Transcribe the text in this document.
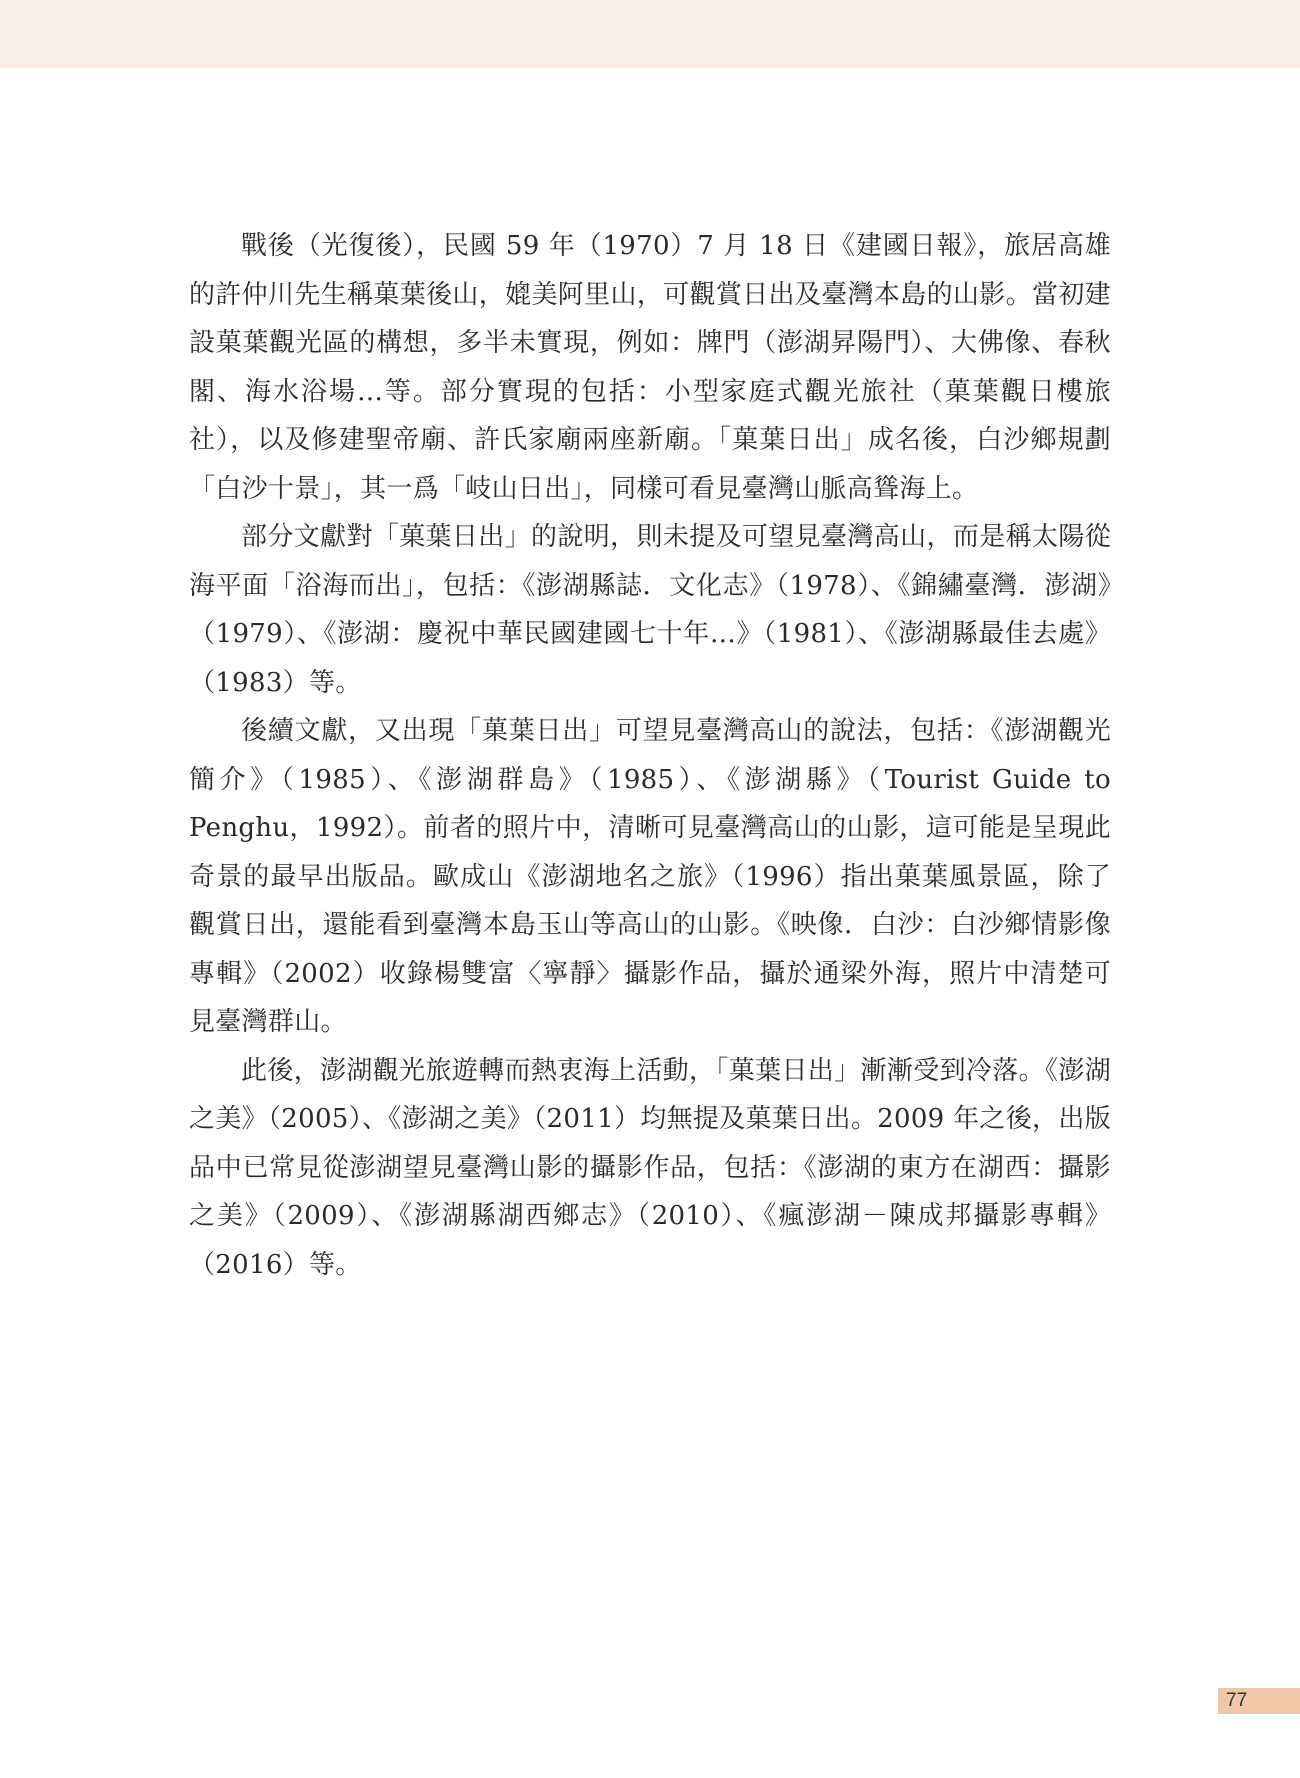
戰後（光復後），民國 59 年（1970）7 月 18 日《建國日報》，旅居高雄的許仲川先生稱菓葉後山，媲美阿里山，可觀賞日出及臺灣本島的山影。當初建設菓葉觀光區的構想，多半未實現，例如：牌門（澎湖昇陽門）、大佛像、春秋閣、海水浴場…等。部分實現的包括：小型家庭式觀光旅社（菓葉觀日樓旅社），以及修建聖帝廟、許氏家廟兩座新廟。「菓葉日出」成名後，白沙鄉規劃「白沙十景」，其一爲「岐山日出」，同樣可看見臺灣山脈高聳海上。

部分文獻對「菓葉日出」的說明，則未提及可望見臺灣高山，而是稱太陽從海平面「浴海而出」，包括：《澎湖縣誌．文化志》（1978）、《錦繡臺灣．澎湖》（1979）、《澎湖：慶祝中華民國建國七十年…》（1981）、《澎湖縣最佳去處》（1983）等。

後續文獻，又出現「菓葉日出」可望見臺灣高山的說法，包括：《澎湖觀光簡介》（1985）、《澎湖群島》（1985）、《澎湖縣》（Tourist Guide to Penghu，1992）。前者的照片中，清晰可見臺灣高山的山影，這可能是呈現此奇景的最早出版品。歐成山《澎湖地名之旅》（1996）指出菓葉風景區，除了觀賞日出，還能看到臺灣本島玉山等高山的山影。《映像．白沙：白沙鄉情影像專輯》（2002）收錄楊雙富〈寧靜〉攝影作品，攝於通梁外海，照片中清楚可見臺灣群山。

此後，澎湖觀光旅遊轉而熱衷海上活動，「菓葉日出」漸漸受到冷落。《澎湖之美》（2005）、《澎湖之美》（2011）均無提及菓葉日出。2009 年之後，出版品中已常見從澎湖望見臺灣山影的攝影作品，包括：《澎湖的東方在湖西：攝影之美》（2009）、《澎湖縣湖西鄉志》（2010）、《瘋澎湖－陳成邦攝影專輯》（2016）等。

77
